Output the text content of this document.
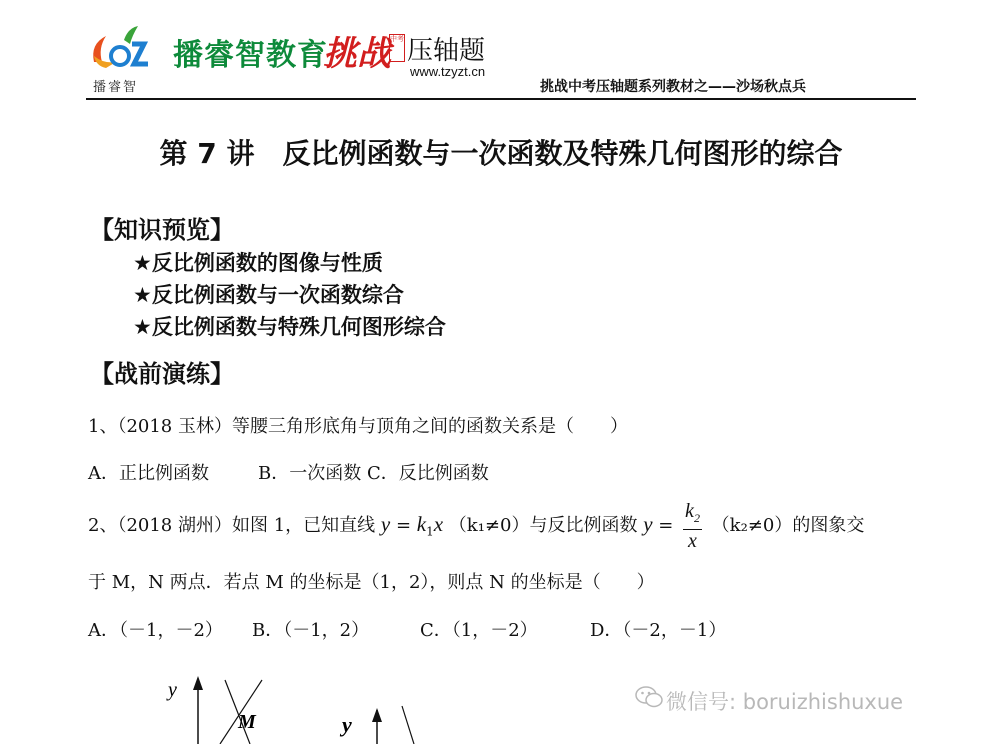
播睿智
播睿智教育
挑战 中考 压轴题
www.tzyzt.cn
挑战中考压轴题系列教材之——沙场秋点兵
第 7 讲　反比例函数与一次函数及特殊几何图形的综合
【知识预览】
★反比例函数的图像与性质
★反比例函数与一次函数综合
★反比例函数与特殊几何图形综合
【战前演练】
1、（2018 玉林）等腰三角形底角与顶角之间的函数关系是（　　）
A．正比例函数	B．一次函数 C．反比例函数
2、（2018 湖州）如图 1，已知直线 $y = k_1x$ （k₁≠0）与反比例函数 $y = \frac{k_2}{x} (k_2\ne 0)$的图象交
于 M，N 两点．若点 M 的坐标是（1，2），则点 N 的坐标是（　　）
A．（－1，－2） B．（－1，2）	C．（1，－2）	D．（－2，－1）
y
M	y
微信号: boruizhishuxue
